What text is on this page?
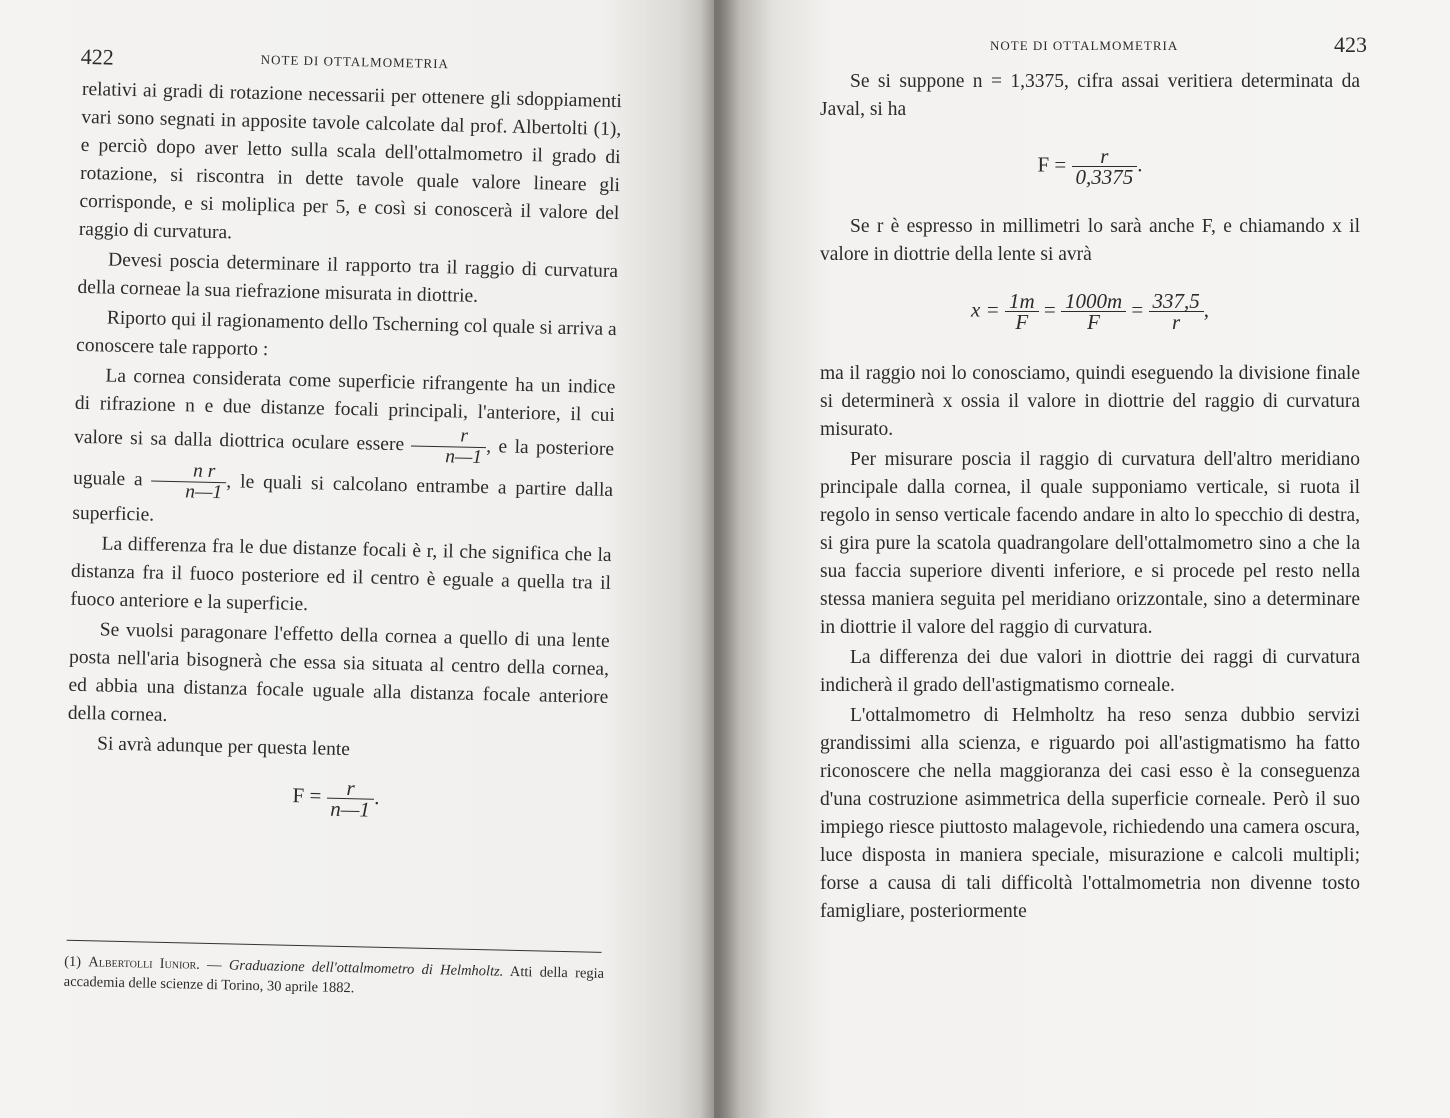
422	NOTE DI OTTALMOMETRIA

relativi ai gradi di rotazione necessarii per ottenere gli sdoppiamenti vari sono segnati in apposite tavole calcolate dal prof. Albertolti (1), e perciò dopo aver letto sulla scala dell'ottalmometro il grado di rotazione, si riscontra in dette tavole quale valore lineare gli corrisponde, e si moliplica per 5, e così si conoscerà il valore del raggio di curvatura.

Devesi poscia determinare il rapporto tra il raggio di curvatura della corneae la sua riefrazione misurata in diottrie.

Riporto qui il ragionamento dello Tscherning col quale si arriva a conoscere tale rapporto :

La cornea considerata come superficie rifrangente ha un indice di rifrazione n e due distanze focali principali, l'anteriore, il cui valore si sa dalla diottrica oculare essere $\frac{r}{n—1}$ , e la posteriore uguale a $\frac{\text{n r}}{n—1}$ , le quali si calcolano entrambe a partire dalla superficie.

La differenza fra le due distanze focali è r, il che significa che la distanza fra il fuoco posteriore ed il centro è eguale a quella tra il fuoco anteriore e la superficie.

Se vuolsi paragonare l'effetto della cornea a quello di una lente posta nell'aria bisognerà che essa sia situata al centro della cornea, ed abbia una distanza focale uguale alla distanza focale anteriore della cornea.

Si avrà adunque per questa lente

$F = \frac{r}{n—1}$ .
(1) Albertolli Iunior. — Graduazione dell'ottalmometro di Helmholtz. Atti della regia accademia delle scienze di Torino, 30 aprile 1882.
NOTE DI OTTALMOMETRIA	423

Se si suppone n = 1,3375, cifra assai veritiera determinata da Javal, si ha

$F = \frac{r}{0,3375}$ .

Se r è espresso in millimetri lo sarà anche F, e chiamando x il valore in diottrie della lente si avrà

$x = \frac{1m}{F} = \frac{1000m}{F} = \frac{337,5}{r}$ ,

ma il raggio noi lo conosciamo, quindi eseguendo la divisione finale si determinerà x ossia il valore in diottrie del raggio di curvatura misurato.

Per misurare poscia il raggio di curvatura dell'altro meridiano principale dalla cornea, il quale supponiamo verticale, si ruota il regolo in senso verticale facendo andare in alto lo specchio di destra, si gira pure la scatola quadrangolare dell'ottalmometro sino a che la sua faccia superiore diventi inferiore, e si procede pel resto nella stessa maniera seguita pel meridiano orizzontale, sino a determinare in diottrie il valore del raggio di curvatura.

La differenza dei due valori in diottrie dei raggi di curvatura indicherà il grado dell'astigmatismo corneale.

L'ottalmometro di Helmholtz ha reso senza dubbio servizi grandissimi alla scienza, e riguardo poi all'astigmatismo ha fatto riconoscere che nella maggioranza dei casi esso è la conseguenza d'una costruzione asimmetrica della superficie corneale. Però il suo impiego riesce piuttosto malagevole, richiedendo una camera oscura, luce disposta in maniera speciale, misurazione e calcoli multipli; forse a causa di tali difficoltà l'ottalmometria non divenne tosto famigliare, posteriormente
